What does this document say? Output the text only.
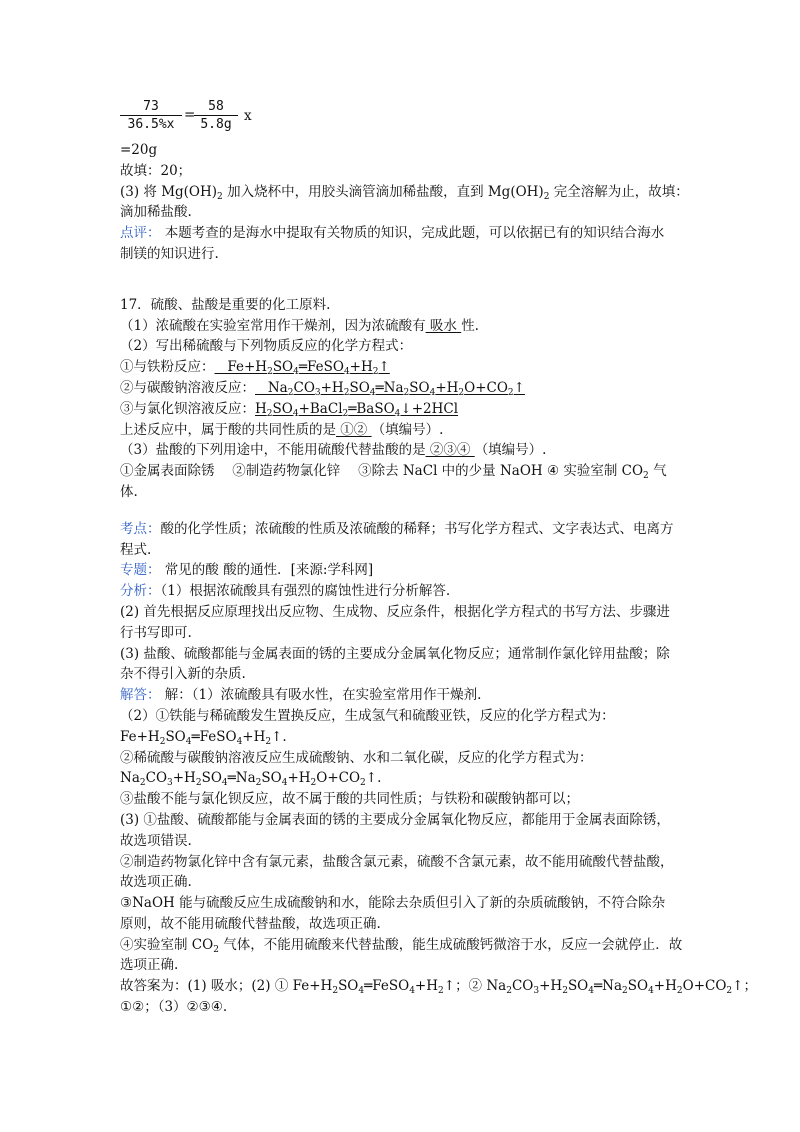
73
36.5%x
=
58
5.8g
x
=20g
故填：20；
(3) 将 $Mg(OH)_2$ 加入烧杯中，用胶头滴管滴加稀盐酸，直到 $Mg(OH)_2$ 完全溶解为止，故填：
滴加稀盐酸.
点评： 本题考查的是海水中提取有关物质的知识，完成此题，可以依据已有的知识结合海水
制镁的知识进行.
17．硫酸、盐酸是重要的化工原料.
（1）浓硫酸在实验室常用作干燥剂，因为浓硫酸有 吸水 性.
（2）写出稀硫酸与下列物质反应的化学方程式：
①与铁粉反应：   $Fe+H_2SO_4═FeSO_4+H_2↑$
②与碳酸钠溶液反应：   $Na_2CO_3+H_2SO_4═Na_2SO_4+H_2O+CO_2↑$
③与氯化钡溶液反应：$H_2SO_4+BaCl_2═BaSO_4↓+2HCl$
上述反应中，属于酸的共同性质的是 ①② （填编号）.
（3）盐酸的下列用途中，不能用硫酸代替盐酸的是 ②③④ （填编号）.
①金属表面除锈　 ②制造药物氯化锌　 ③除去 NaCl 中的少量 NaOH ④ 实验室制 $CO_2$ 气
体.
考点：酸的化学性质；浓硫酸的性质及浓硫酸的稀释；书写化学方程式、文字表达式、电离方
程式.
专题： 常见的酸 酸的通性．[来源:学科网]
分析：（1）根据浓硫酸具有强烈的腐蚀性进行分析解答.
(2) 首先根据反应原理找出反应物、生成物、反应条件，根据化学方程式的书写方法、步骤进
行书写即可.
(3) 盐酸、硫酸都能与金属表面的锈的主要成分金属氧化物反应；通常制作氯化锌用盐酸；除
杂不得引入新的杂质.
解答： 解：（1）浓硫酸具有吸水性，在实验室常用作干燥剂.
（2）①铁能与稀硫酸发生置换反应，生成氢气和硫酸亚铁，反应的化学方程式为：
$Fe+H_2SO_4═FeSO_4+H_2↑$.
②稀硫酸与碳酸钠溶液反应生成硫酸钠、水和二氧化碳，反应的化学方程式为：
$Na_2CO_3+H_2SO_4═Na_2SO_4+H_2O+CO_2↑$.
③盐酸不能与氯化钡反应，故不属于酸的共同性质；与铁粉和碳酸钠都可以；
(3) ①盐酸、硫酸都能与金属表面的锈的主要成分金属氧化物反应，都能用于金属表面除锈，
故选项错误.
②制造药物氯化锌中含有氯元素，盐酸含氯元素，硫酸不含氯元素，故不能用硫酸代替盐酸，
故选项正确.
③NaOH 能与硫酸反应生成硫酸钠和水，能除去杂质但引入了新的杂质硫酸钠，不符合除杂
原则，故不能用硫酸代替盐酸，故选项正确.
④实验室制 $CO_2$ 气体，不能用硫酸来代替盐酸，能生成硫酸钙微溶于水，反应一会就停止．故
选项正确.
故答案为：(1) 吸水；(2) ① $Fe+H_2SO_4═FeSO_4+H_2↑$；② $Na_2CO_3+H_2SO_4═Na_2SO_4+H_2O+CO_2↑$；
①②；（3）②③④.
